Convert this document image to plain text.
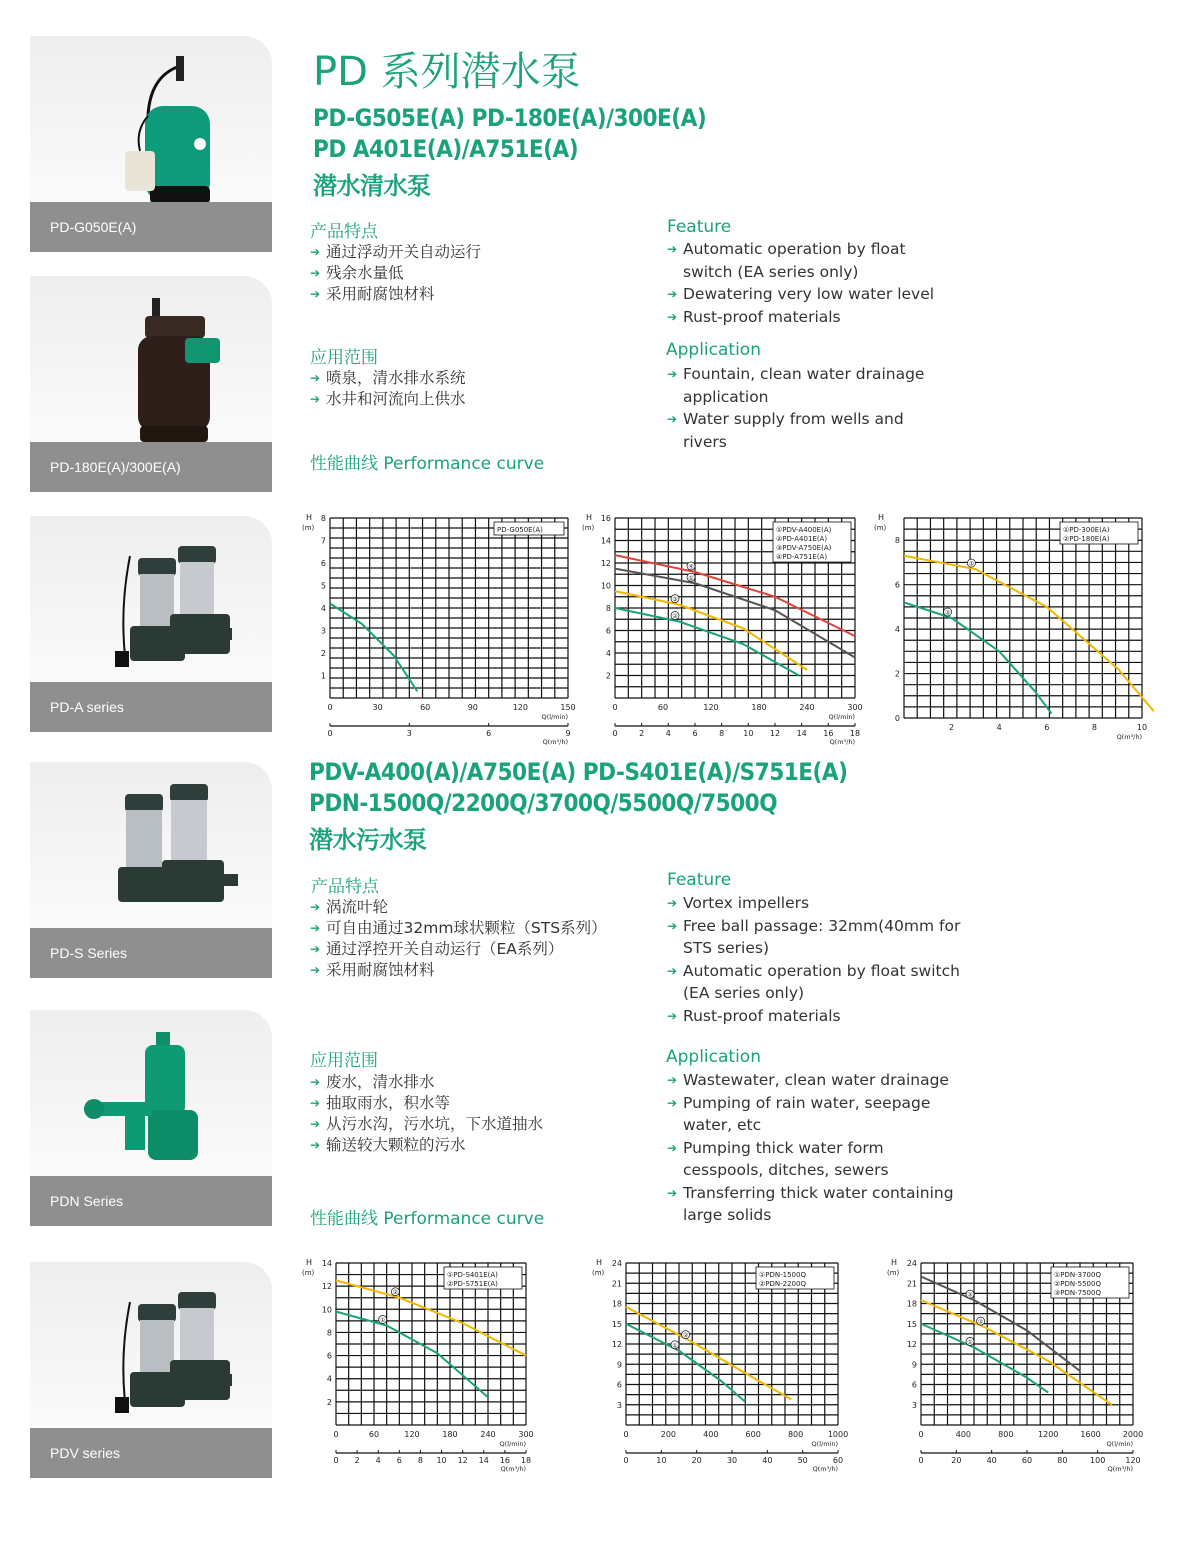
PD-G050E(A)
PD-180E(A)/300E(A)
PD-A series
PD-S Series
PDN Series
PDV series
PD 系列潜水泵
PD-G505E(A) PD-180E(A)/300E(A)
PD A401E(A)/A751E(A)
潜水清水泵
产品特点
➔ 通过浮动开关自动运行
➔ 残余水量低
➔ 采用耐腐蚀材料
Feature
➔ Automatic operation by float switch (EA series only)
➔ Dewatering very low water level
➔ Rust-proof materials
应用范围
➔ 喷泉，清水排水系统
➔ 水井和河流向上供水
Application
➔ Fountain, clean water drainage application
➔ Water supply from wells and rivers
性能曲线 Performance curve
1
2
3
4
5
6
7
8
H
(m)
0	30	60	90	120	150
Q(l/min)
0	3	6	9
Q(m³/h)
PD-G050E(A)
2
4
6
8
10
12
14
16
H
(m)
0	60	120	180	240	300
Q(l/min)
0	2	4	6	8 10 12 14 16 18
Q(m³/h)
①PDV-A400E(A)
②PD-A401E(A)
③PDV-A750E(A)
④PD-A751E(A)
④
①
③
②
0
2
4
6
8
H
(m)
2	4	6	8	10
Q(m³/h)
①PD-300E(A)
②PD-180E(A)
①
②
PDV-A400(A)/A750E(A) PD-S401E(A)/S751E(A)
PDN-1500Q/2200Q/3700Q/5500Q/7500Q
潜水污水泵
产品特点
➔ 涡流叶轮
➔ 可自由通过32mm球状颗粒（STS系列）
➔ 通过浮控开关自动运行（EA系列）
➔ 采用耐腐蚀材料
Feature
➔ Vortex impellers
➔ Free ball passage: 32mm(40mm for STS series)
➔ Automatic operation by float switch (EA series only)
➔ Rust-proof materials
应用范围
➔ 废水，清水排水
➔ 抽取雨水，积水等
➔ 从污水沟，污水坑，下水道抽水
➔ 输送较大颗粒的污水
Application
➔ Wastewater, clean water drainage
➔ Pumping of rain water, seepage water, etc
➔ Pumping thick water form cesspools, ditches, sewers
➔ Transferring thick water containing large solids
性能曲线 Performance curve
2
4
6
8
10
12
14
H
(m)
0	60	120	180	240	300
Q(l/min)
0 2 4 6 8 10 12 14 16 18
Q(m³/h)
①PD-S401E(A)
②PD-S751E(A)
②
①
3
6
9
12
15
18
21
24
H
(m)
0	200	400	600	800	1000
Q(l/min)
0	10	20	30	40	50	60
Q(m³/h)
①PDN-1500Q
②PDN-2200Q
②
①
3
6
9
12
15
18
21
24
H
(m)
0	400	800	1200	1600	2000
Q(l/min)
0	20	40	60	80	100	120
Q(m³/h)
①PDN-3700Q
②PDN-5500Q
③PDN-7500Q
③
②
①
